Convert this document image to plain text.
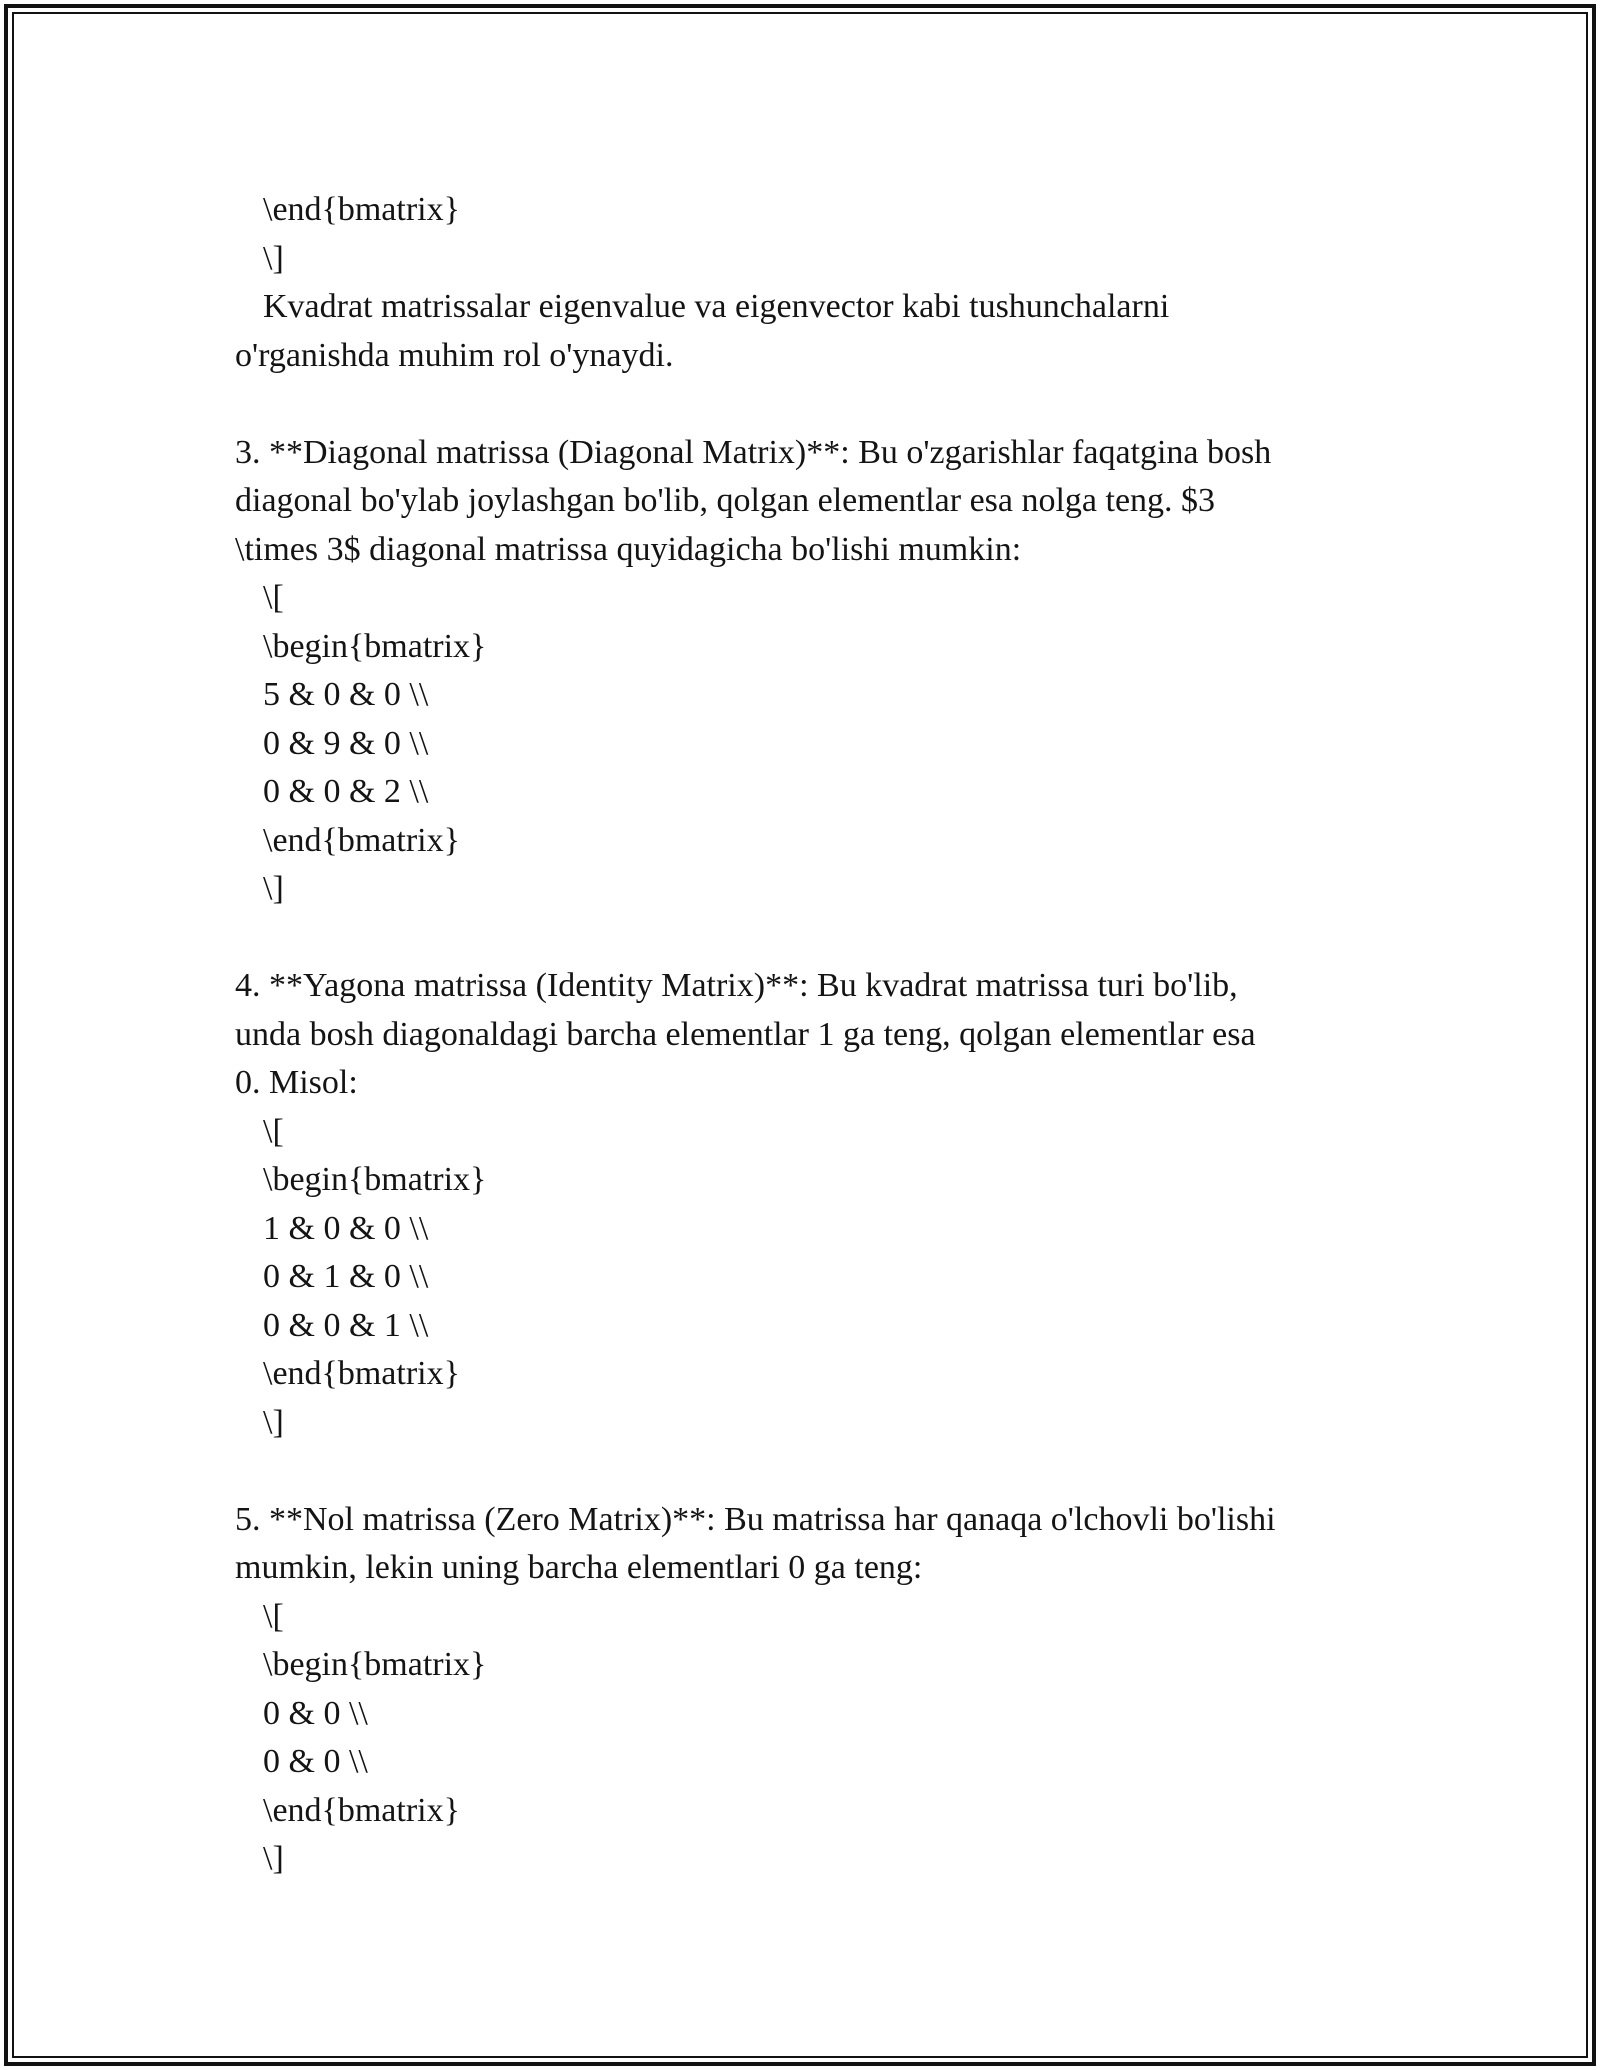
\end{bmatrix}
\]
Kvadrat matrissalar eigenvalue va eigenvector kabi tushunchalarni
o'rganishda muhim rol o'ynaydi.
3. **Diagonal matrissa (Diagonal Matrix)**: Bu o'zgarishlar faqatgina bosh
diagonal bo'ylab joylashgan bo'lib, qolgan elementlar esa nolga teng. $3
\times 3$ diagonal matrissa quyidagicha bo'lishi mumkin:
\[
\begin{bmatrix}
5 & 0 & 0 \\
0 & 9 & 0 \\
0 & 0 & 2 \\
\end{bmatrix}
\]
4. **Yagona matrissa (Identity Matrix)**: Bu kvadrat matrissa turi bo'lib,
unda bosh diagonaldagi barcha elementlar 1 ga teng, qolgan elementlar esa
0. Misol:
\[
\begin{bmatrix}
1 & 0 & 0 \\
0 & 1 & 0 \\
0 & 0 & 1 \\
\end{bmatrix}
\]
5. **Nol matrissa (Zero Matrix)**: Bu matrissa har qanaqa o'lchovli bo'lishi
mumkin, lekin uning barcha elementlari 0 ga teng:
\[
\begin{bmatrix}
0 & 0 \\
0 & 0 \\
\end{bmatrix}
\]
